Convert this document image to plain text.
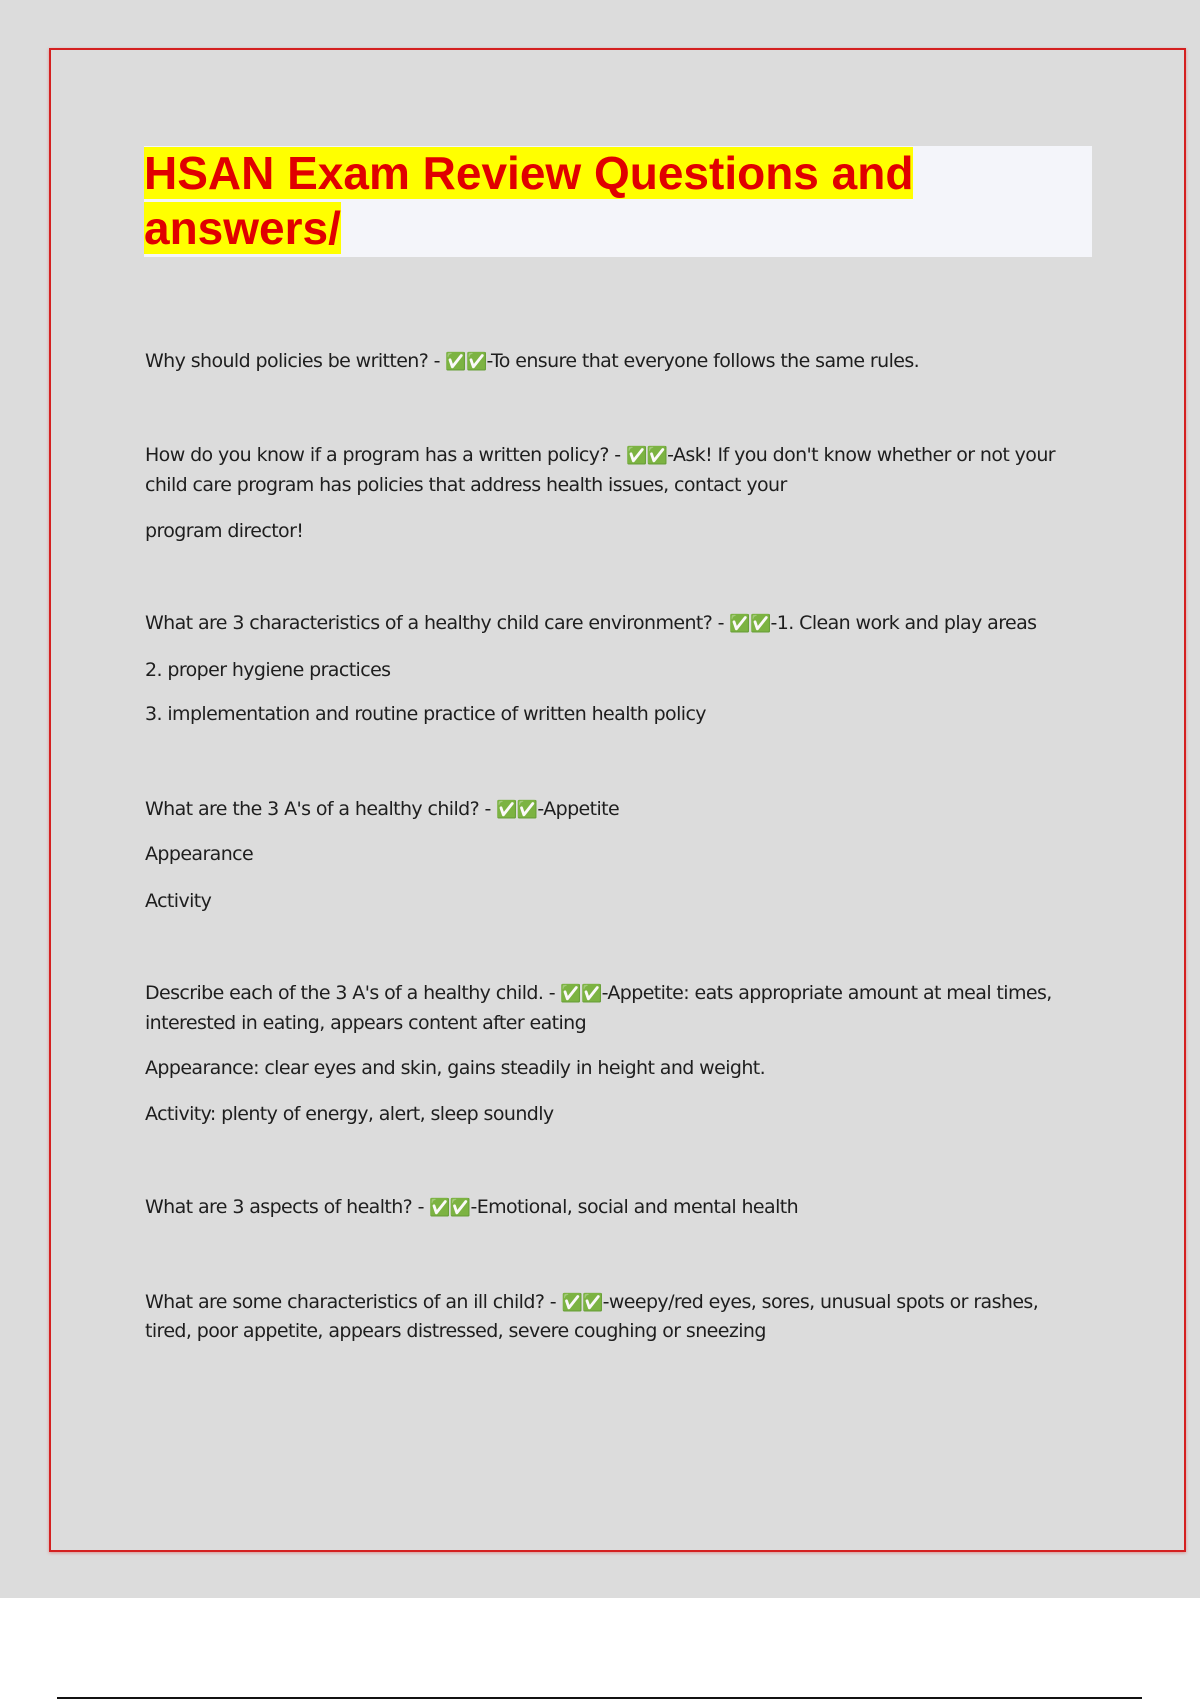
HSAN Exam Review Questions and
answers/
Why should policies be written? - ✅✅-To ensure that everyone follows the same rules.
How do you know if a program has a written policy? - ✅✅-Ask! If you don't know whether or not your
child care program has policies that address health issues, contact your
program director!
What are 3 characteristics of a healthy child care environment? - ✅✅-1. Clean work and play areas
2. proper hygiene practices
3. implementation and routine practice of written health policy
What are the 3 A's of a healthy child? - ✅✅-Appetite
Appearance
Activity
Describe each of the 3 A's of a healthy child. - ✅✅-Appetite: eats appropriate amount at meal times,
interested in eating, appears content after eating
Appearance: clear eyes and skin, gains steadily in height and weight.
Activity: plenty of energy, alert, sleep soundly
What are 3 aspects of health? - ✅✅-Emotional, social and mental health
What are some characteristics of an ill child? - ✅✅-weepy/red eyes, sores, unusual spots or rashes,
tired, poor appetite, appears distressed, severe coughing or sneezing
